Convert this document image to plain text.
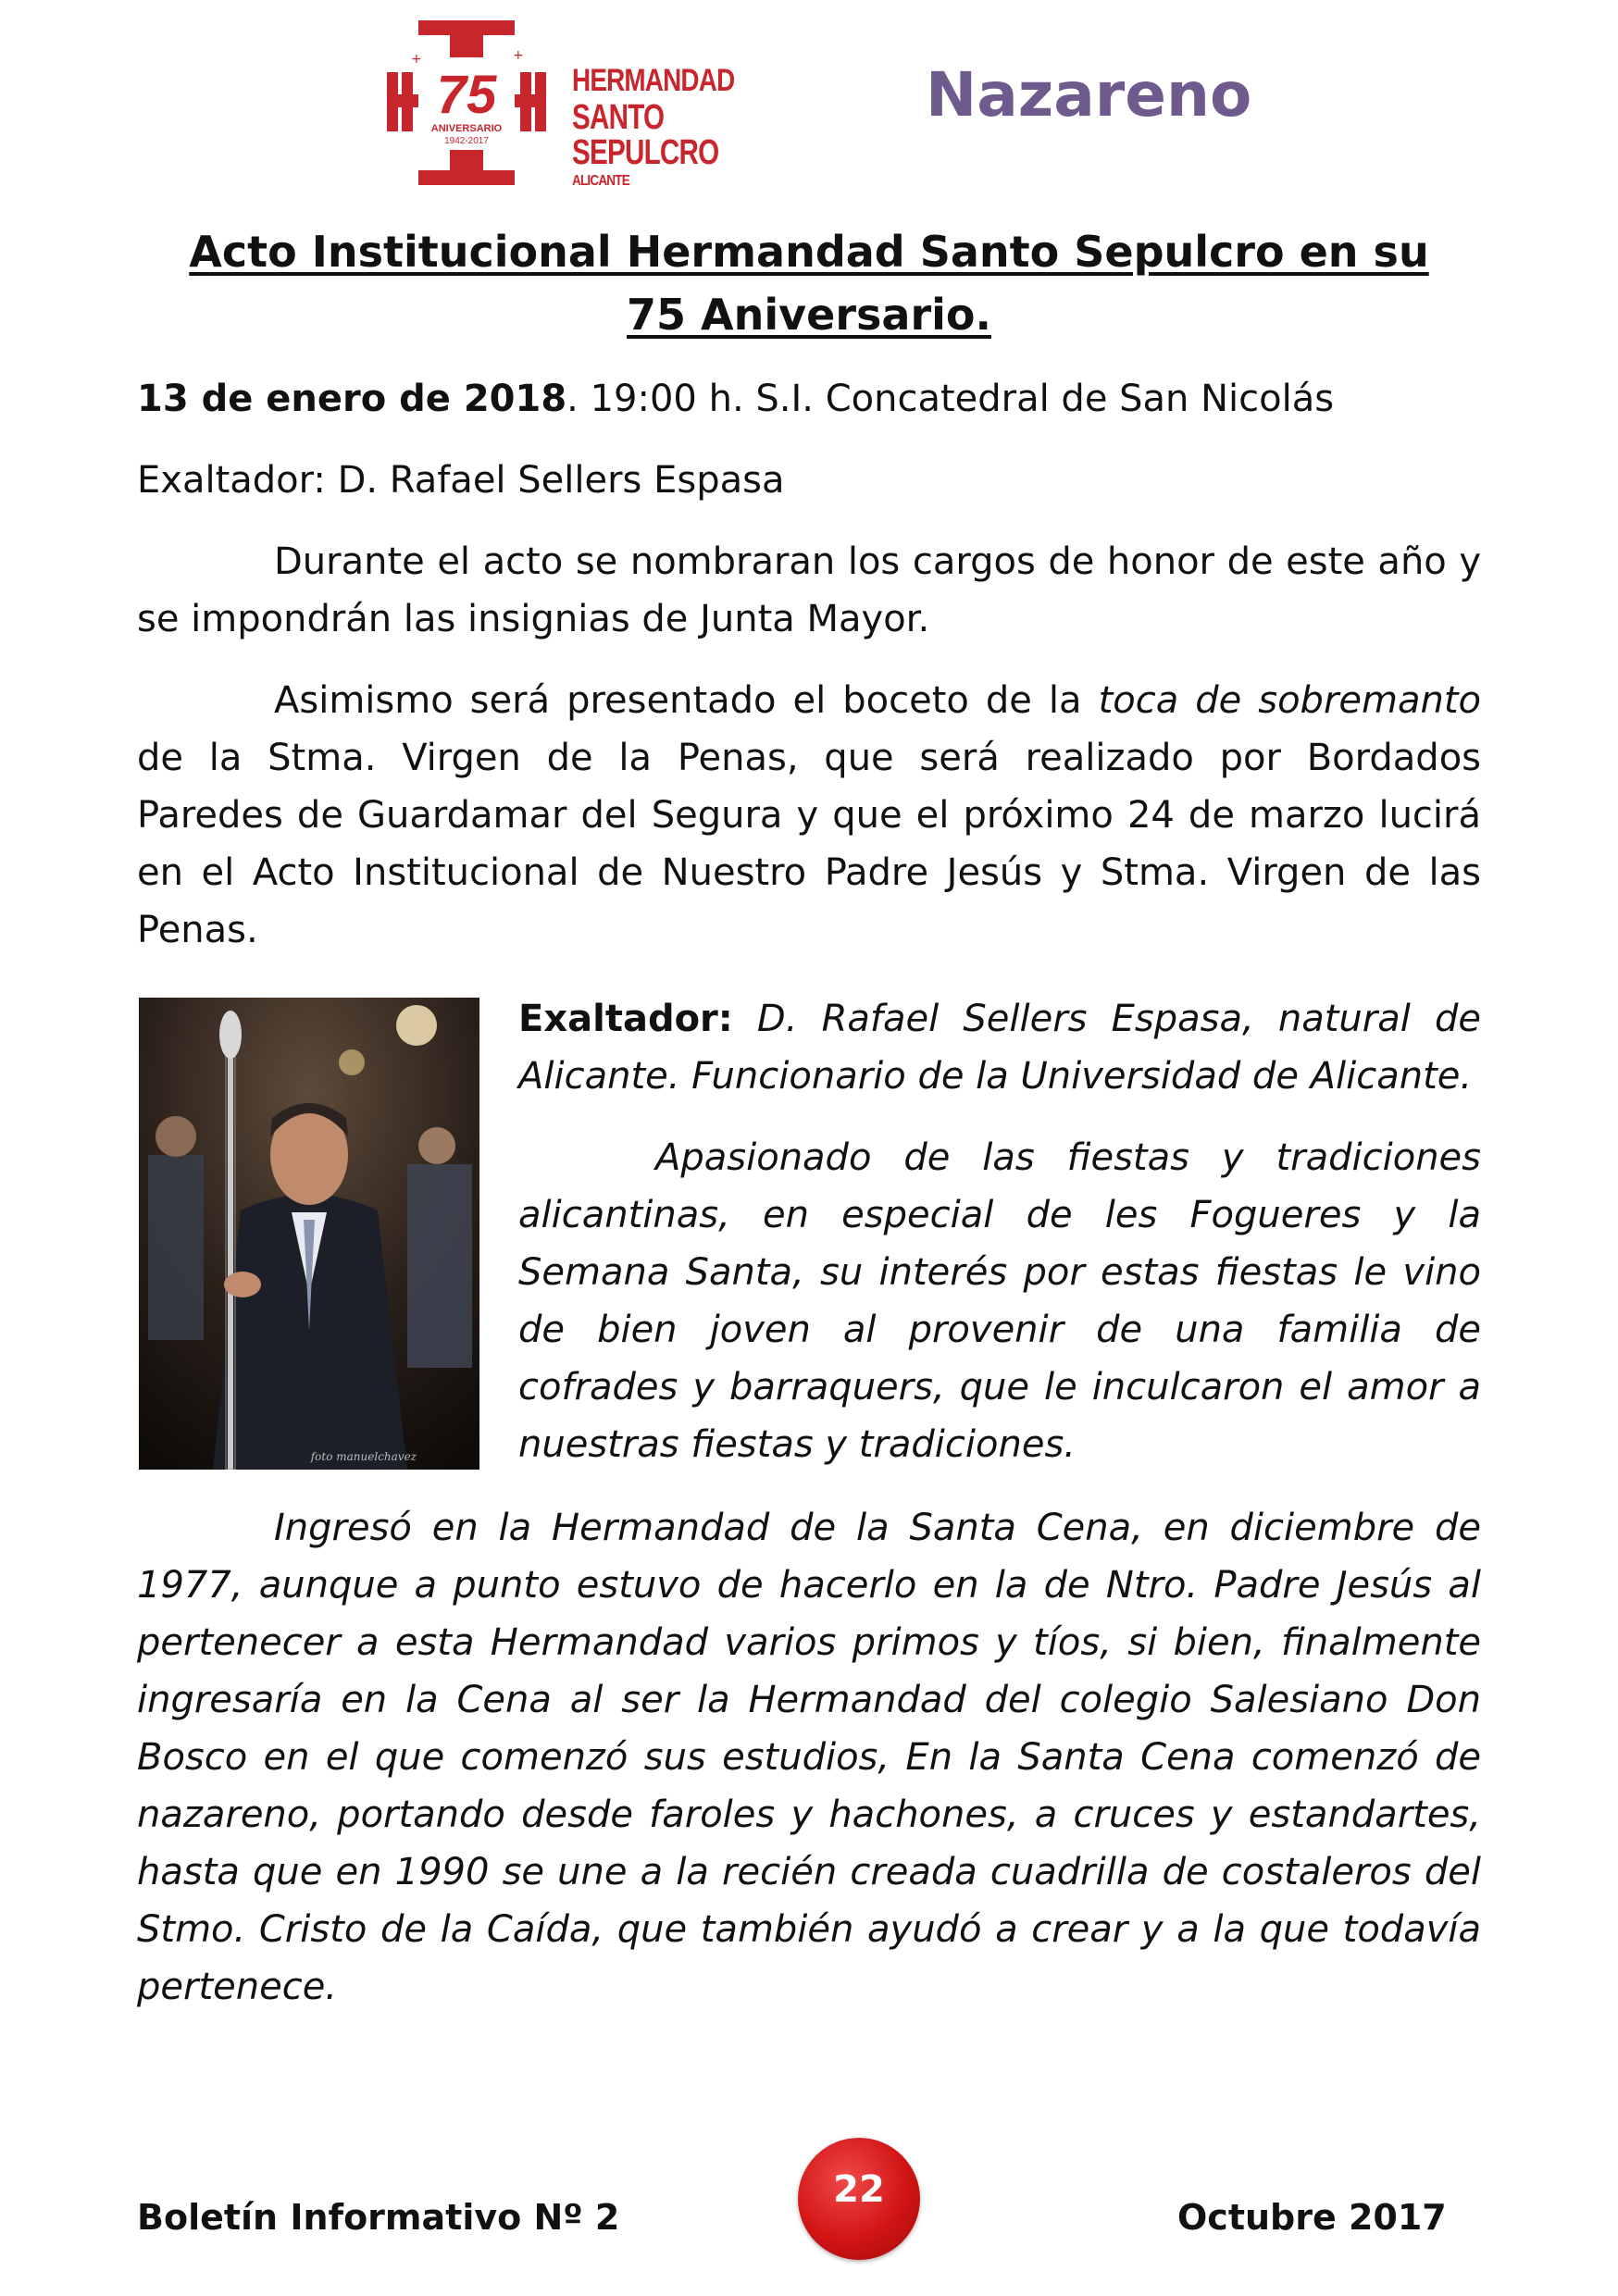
75
ANIVERSARIO
1942-2017
+	+
HERMANDAD
SANTO SEPULCRO
ALICANTE
Nazareno
Acto Institucional Hermandad Santo Sepulcro en su
75 Aniversario.

13 de enero de 2018. 19:00 h. S.I. Concatedral de San Nicolás

Exaltador: D. Rafael Sellers Espasa

Durante el acto se nombraran los cargos de honor de este año y se impondrán las insignias de Junta Mayor.

Asimismo será presentado el boceto de la toca de sobremanto de la Stma. Virgen de la Penas, que será realizado por Bordados Paredes de Guardamar del Segura y que el próximo 24 de marzo lucirá en el Acto Institucional de Nuestro Padre Jesús y Stma. Virgen de las Penas.

foto manuelchavez

Exaltador: D. Rafael Sellers Espasa, natural de Alicante. Funcionario de la Universidad de Alicante.

Apasionado de las fiestas y tradiciones alicantinas, en especial de les Fogueres y la Semana Santa, su interés por estas fiestas le vino de bien joven al provenir de una familia de cofrades y barraquers, que le inculcaron el amor a nuestras fiestas y tradiciones.

Ingresó en la Hermandad de la Santa Cena, en diciembre de 1977, aunque a punto estuvo de hacerlo en la de Ntro. Padre Jesús al pertenecer a esta Hermandad varios primos y tíos, si bien, finalmente ingresaría en la Cena al ser la Hermandad del colegio Salesiano Don Bosco en el que comenzó sus estudios, En la Santa Cena comenzó de nazareno, portando desde faroles y hachones, a cruces y estandartes, hasta que en 1990 se une a la recién creada cuadrilla de costaleros del Stmo. Cristo de la Caída, que también ayudó a crear y a la que todavía pertenece.

Boletín Informativo Nº 2
22
Octubre 2017
